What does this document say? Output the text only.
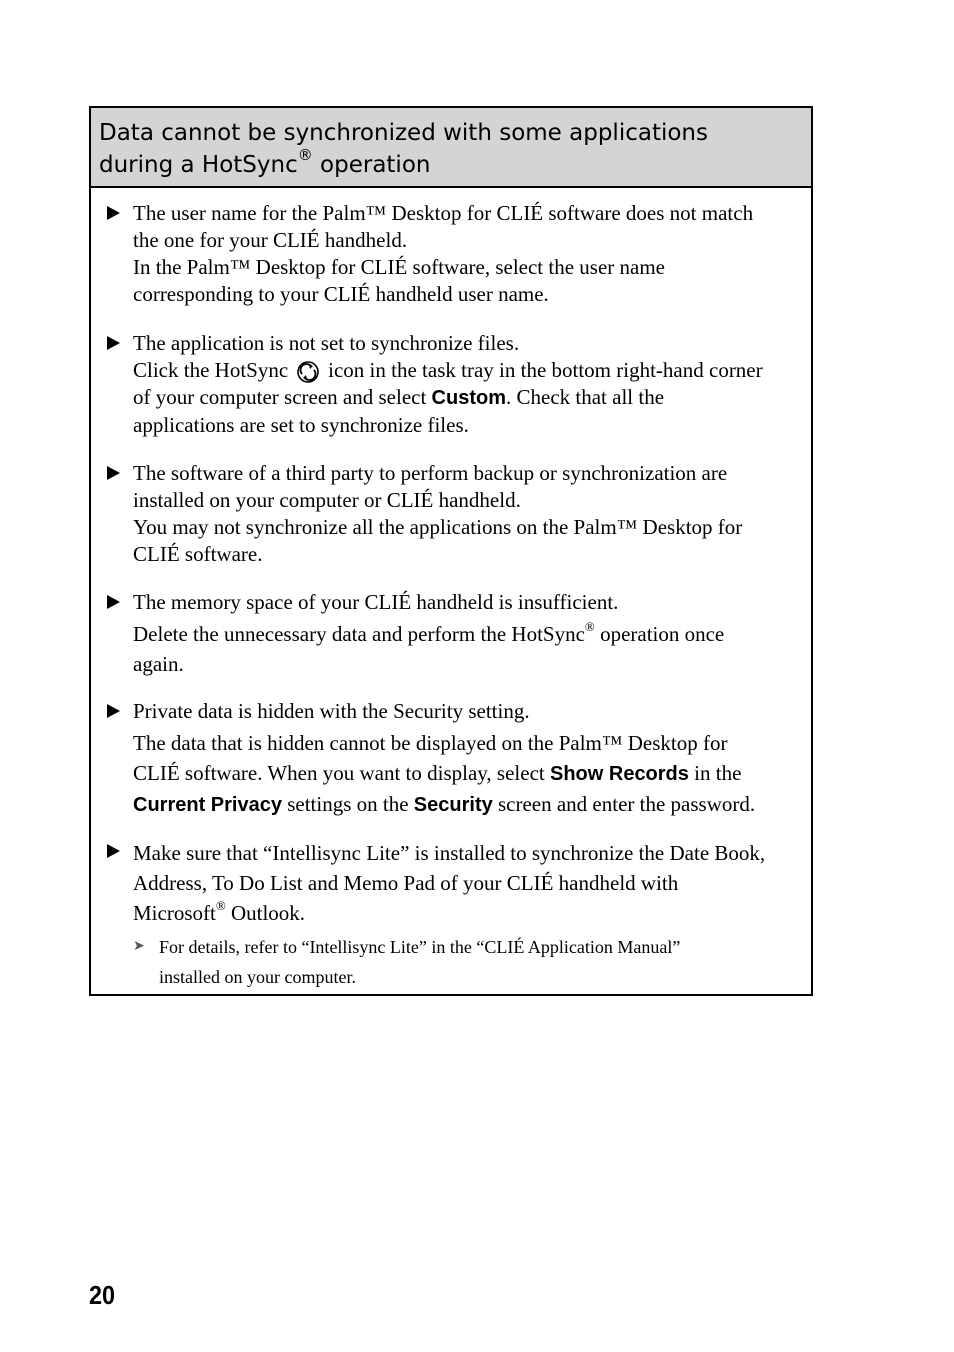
Data cannot be synchronized with some applications
during a HotSync® operation

The user name for the Palm™ Desktop for CLIÉ software does not match

the one for your CLIÉ handheld.

In the Palm™ Desktop for CLIÉ software, select the user name

corresponding to your CLIÉ handheld user name.

The application is not set to synchronize files.

Click the HotSync icon in the task tray in the bottom right-hand corner

of your computer screen and select Custom. Check that all the

applications are set to synchronize files.

The software of a third party to perform backup or synchronization are

installed on your computer or CLIÉ handheld.

You may not synchronize all the applications on the Palm™ Desktop for

CLIÉ software.

The memory space of your CLIÉ handheld is insufficient.

Delete the unnecessary data and perform the HotSync® operation once

again.

Private data is hidden with the Security setting.

The data that is hidden cannot be displayed on the Palm™ Desktop for

CLIÉ software. When you want to display, select Show Records in the

Current Privacy settings on the Security screen and enter the password.

Make sure that “Intellisync Lite” is installed to synchronize the Date Book,

Address, To Do List and Memo Pad of your CLIÉ handheld with

Microsoft® Outlook.

➤ For details, refer to “Intellisync Lite” in the “CLIÉ Application Manual”
installed on your computer.
20
